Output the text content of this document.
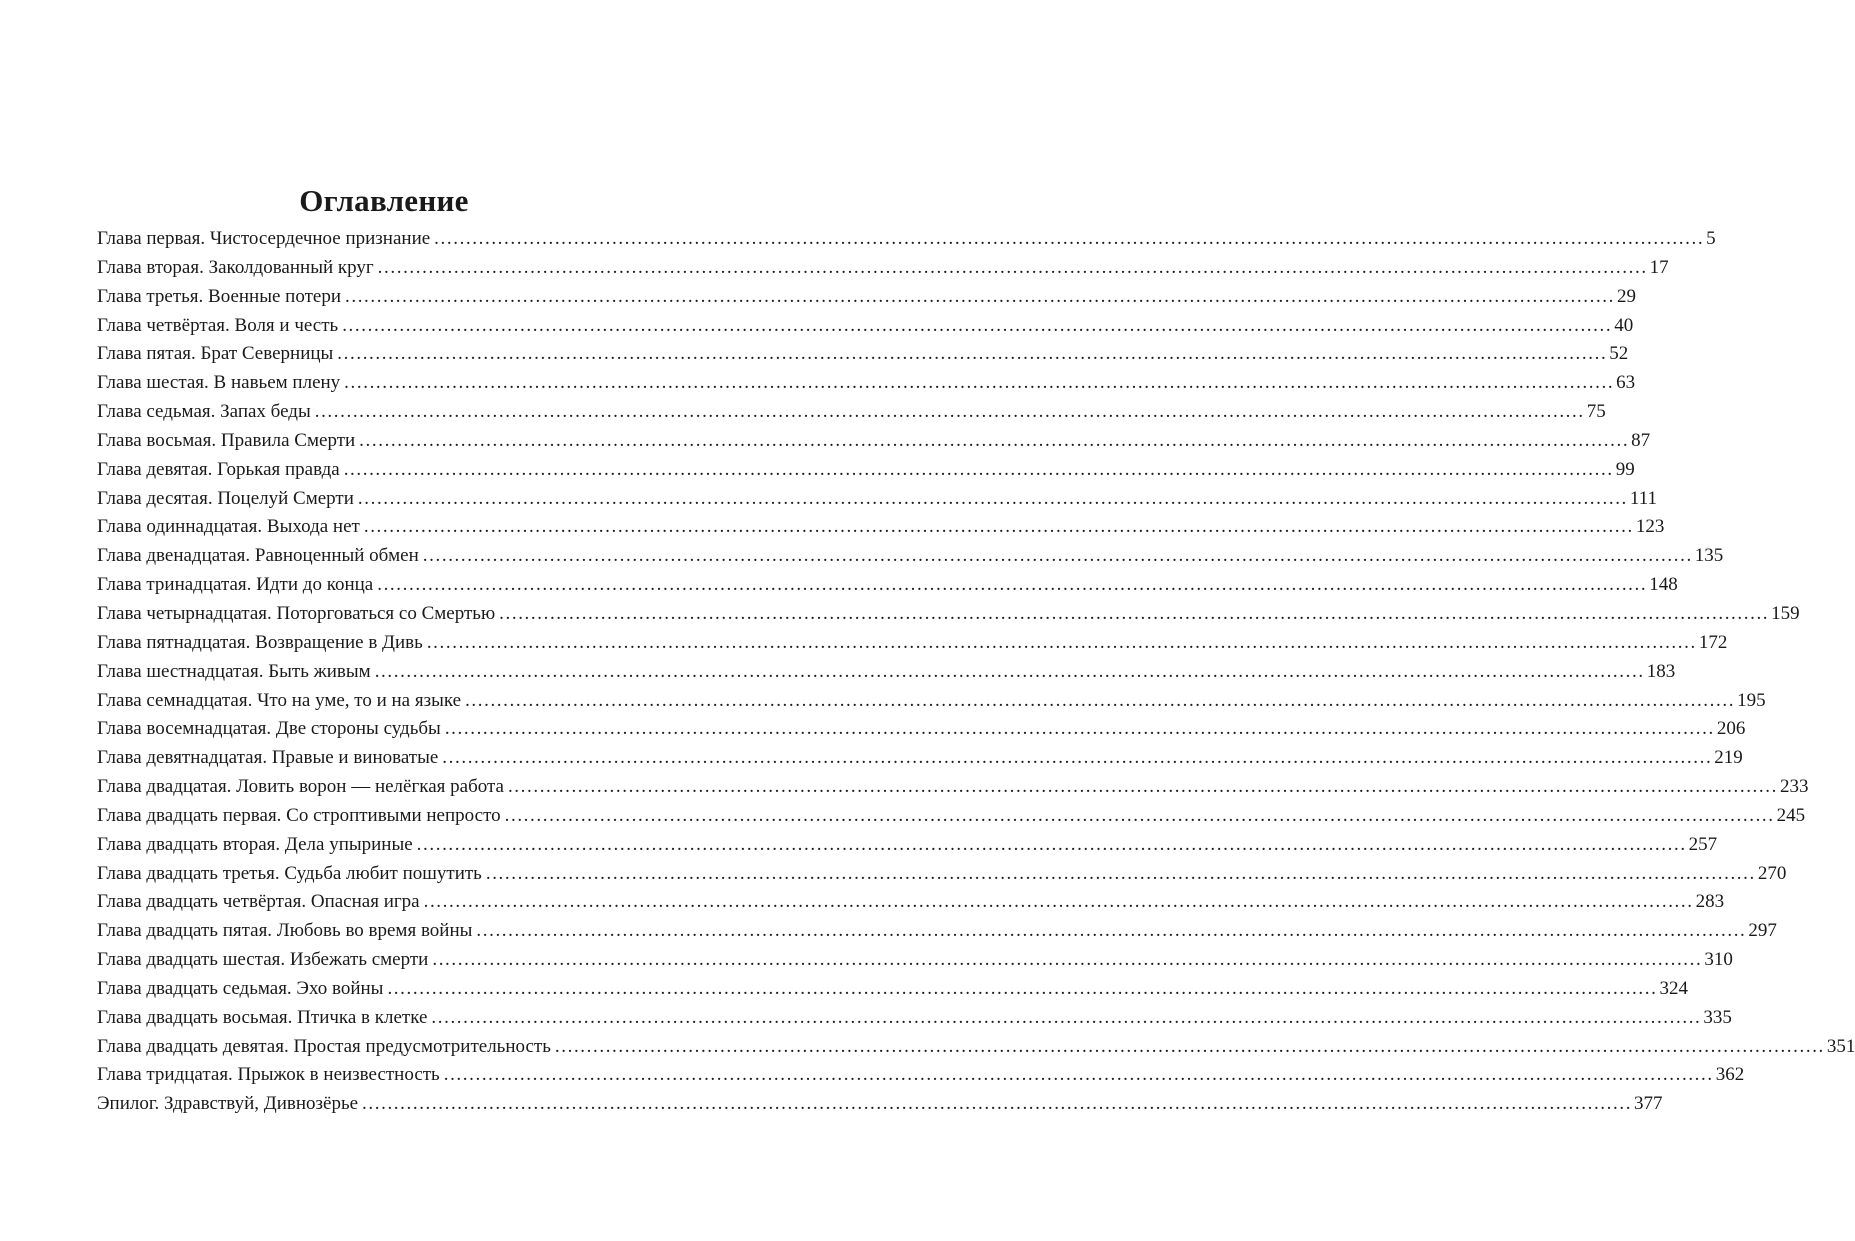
Оглавление
Глава первая. Чистосердечное признание ........................................................................................................................................................................................................ 5
Глава вторая. Заколдованный круг ........................................................................................................................................................................................................ 17
Глава третья. Военные потери ........................................................................................................................................................................................................ 29
Глава четвёртая. Воля и честь ........................................................................................................................................................................................................ 40
Глава пятая. Брат Северницы ........................................................................................................................................................................................................ 52
Глава шестая. В навьем плену ........................................................................................................................................................................................................ 63
Глава седьмая. Запах беды ........................................................................................................................................................................................................ 75
Глава восьмая. Правила Смерти ........................................................................................................................................................................................................ 87
Глава девятая. Горькая правда ........................................................................................................................................................................................................ 99
Глава десятая. Поцелуй Смерти ........................................................................................................................................................................................................ 111
Глава одиннадцатая. Выхода нет ........................................................................................................................................................................................................ 123
Глава двенадцатая. Равноценный обмен ........................................................................................................................................................................................................ 135
Глава тринадцатая. Идти до конца ........................................................................................................................................................................................................ 148
Глава четырнадцатая. Поторговаться со Смертью ........................................................................................................................................................................................................ 159
Глава пятнадцатая. Возвращение в Дивь ........................................................................................................................................................................................................ 172
Глава шестнадцатая. Быть живым ........................................................................................................................................................................................................ 183
Глава семнадцатая. Что на уме, то и на языке ........................................................................................................................................................................................................ 195
Глава восемнадцатая. Две стороны судьбы ........................................................................................................................................................................................................ 206
Глава девятнадцатая. Правые и виноватые ........................................................................................................................................................................................................ 219
Глава двадцатая. Ловить ворон — нелёгкая работа ........................................................................................................................................................................................................ 233
Глава двадцать первая. Со строптивыми непросто ........................................................................................................................................................................................................ 245
Глава двадцать вторая. Дела упыриные ........................................................................................................................................................................................................ 257
Глава двадцать третья. Судьба любит пошутить ........................................................................................................................................................................................................ 270
Глава двадцать четвёртая. Опасная игра ........................................................................................................................................................................................................ 283
Глава двадцать пятая. Любовь во время войны ........................................................................................................................................................................................................ 297
Глава двадцать шестая. Избежать смерти ........................................................................................................................................................................................................ 310
Глава двадцать седьмая. Эхо войны ........................................................................................................................................................................................................ 324
Глава двадцать восьмая. Птичка в клетке ........................................................................................................................................................................................................ 335
Глава двадцать девятая. Простая предусмотрительность ........................................................................................................................................................................................................ 351
Глава тридцатая. Прыжок в неизвестность ........................................................................................................................................................................................................ 362
Эпилог. Здравствуй, Дивнозёрье ........................................................................................................................................................................................................ 377
